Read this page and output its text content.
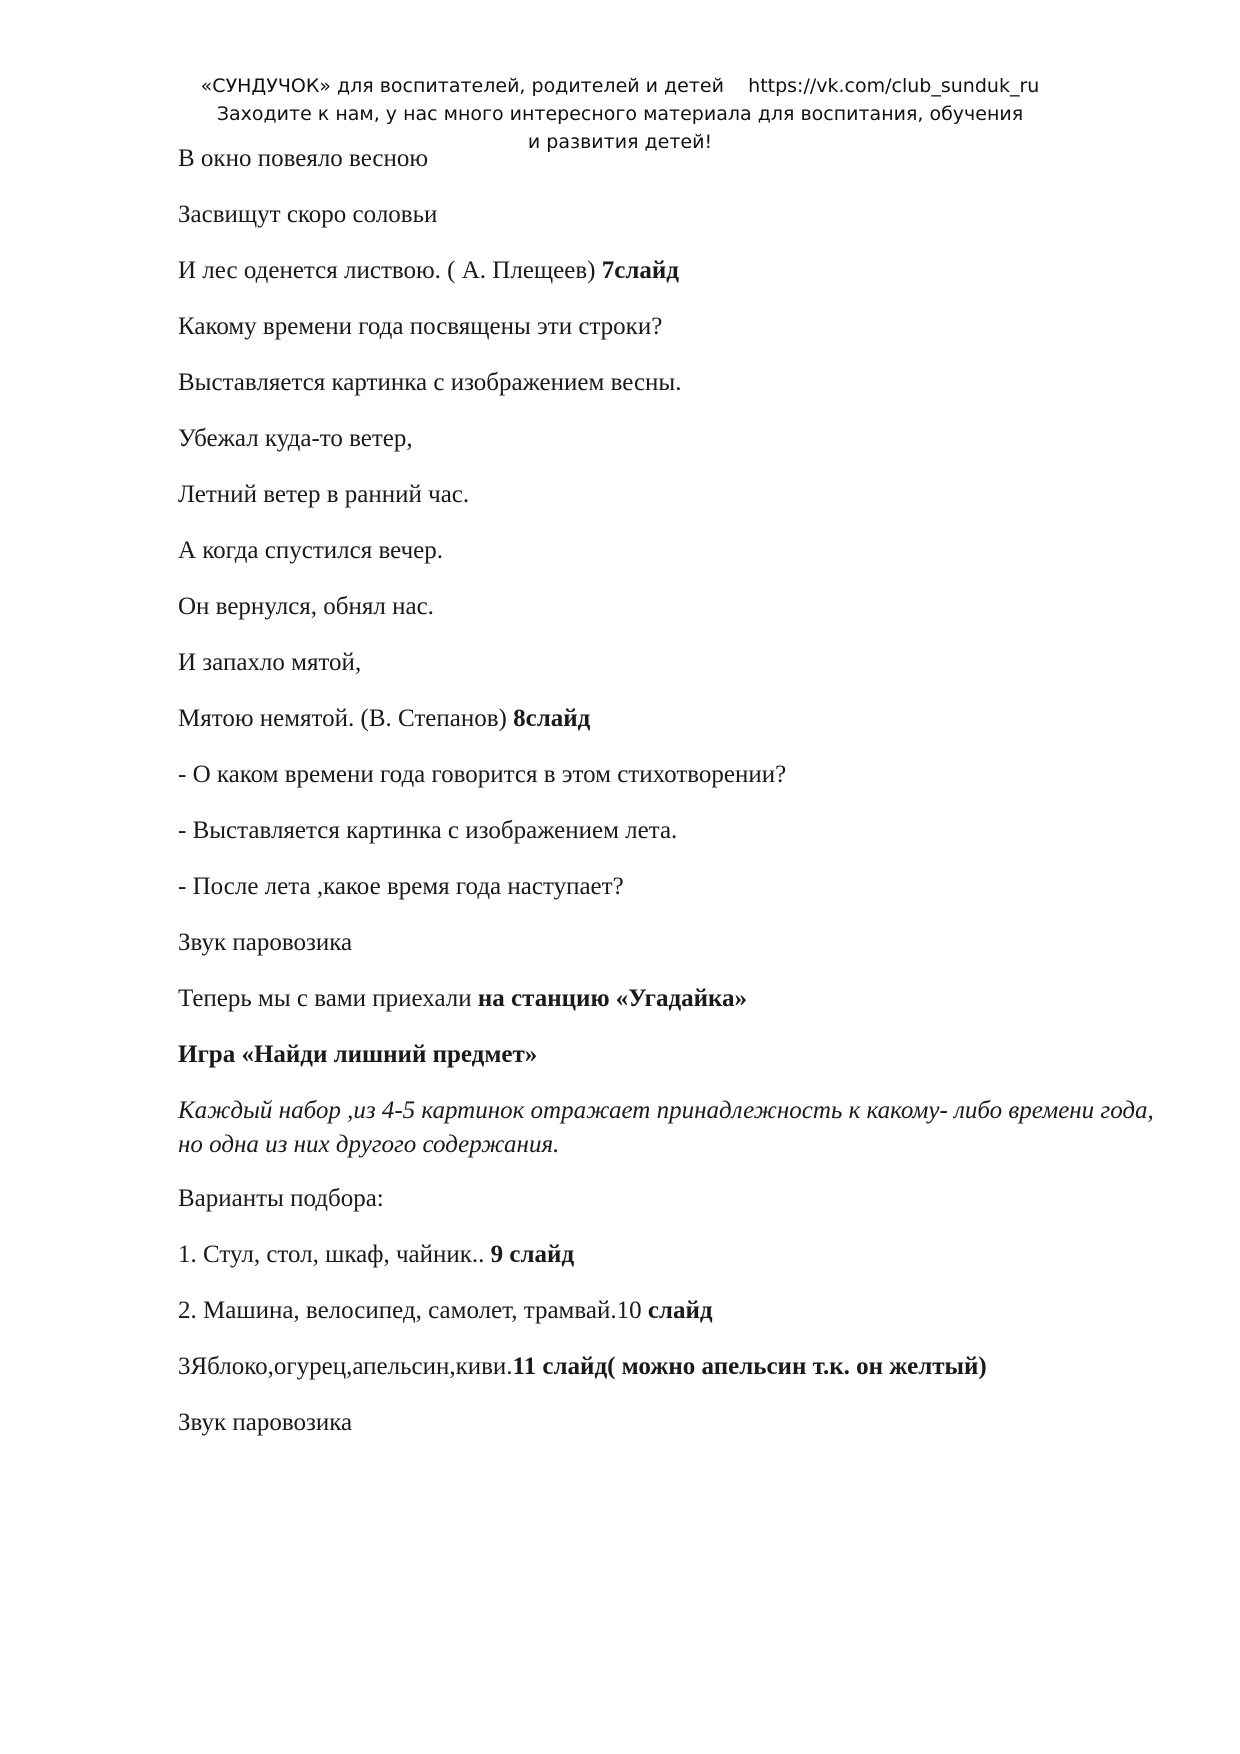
«СУНДУЧОК» для воспитателей, родителей и детей https://vk.com/club_sunduk_ru
Заходите к нам, у нас много интересного материала для воспитания, обучения
и развития детей!
В окно повеяло весною
Засвищут скоро соловьи
И лес оденется листвою. ( А. Плещеев) 7слайд
Какому времени года посвящены эти строки?
Выставляется картинка с изображением весны.
Убежал куда-то ветер,
Летний ветер в ранний час.
А когда спустился вечер.
Он вернулся, обнял нас.
И запахло мятой,
Мятою немятой. (В. Степанов) 8слайд
- О каком времени года говорится в этом стихотворении?
- Выставляется картинка с изображением лета.
- После лета ,какое время года наступает?
Звук паровозика
Теперь мы с вами приехали на станцию «Угадайка»
Игра «Найди лишний предмет»
Каждый набор ,из 4-5 картинок отражает принадлежность к какому- либо времени года, но одна из них другого содержания.
Варианты подбора:
1. Стул, стол, шкаф, чайник.. 9 слайд
2. Машина, велосипед, самолет, трамвай.10 слайд
3Яблоко,огурец,апельсин,киви.11 слайд( можно апельсин т.к. он желтый)
Звук паровозика
